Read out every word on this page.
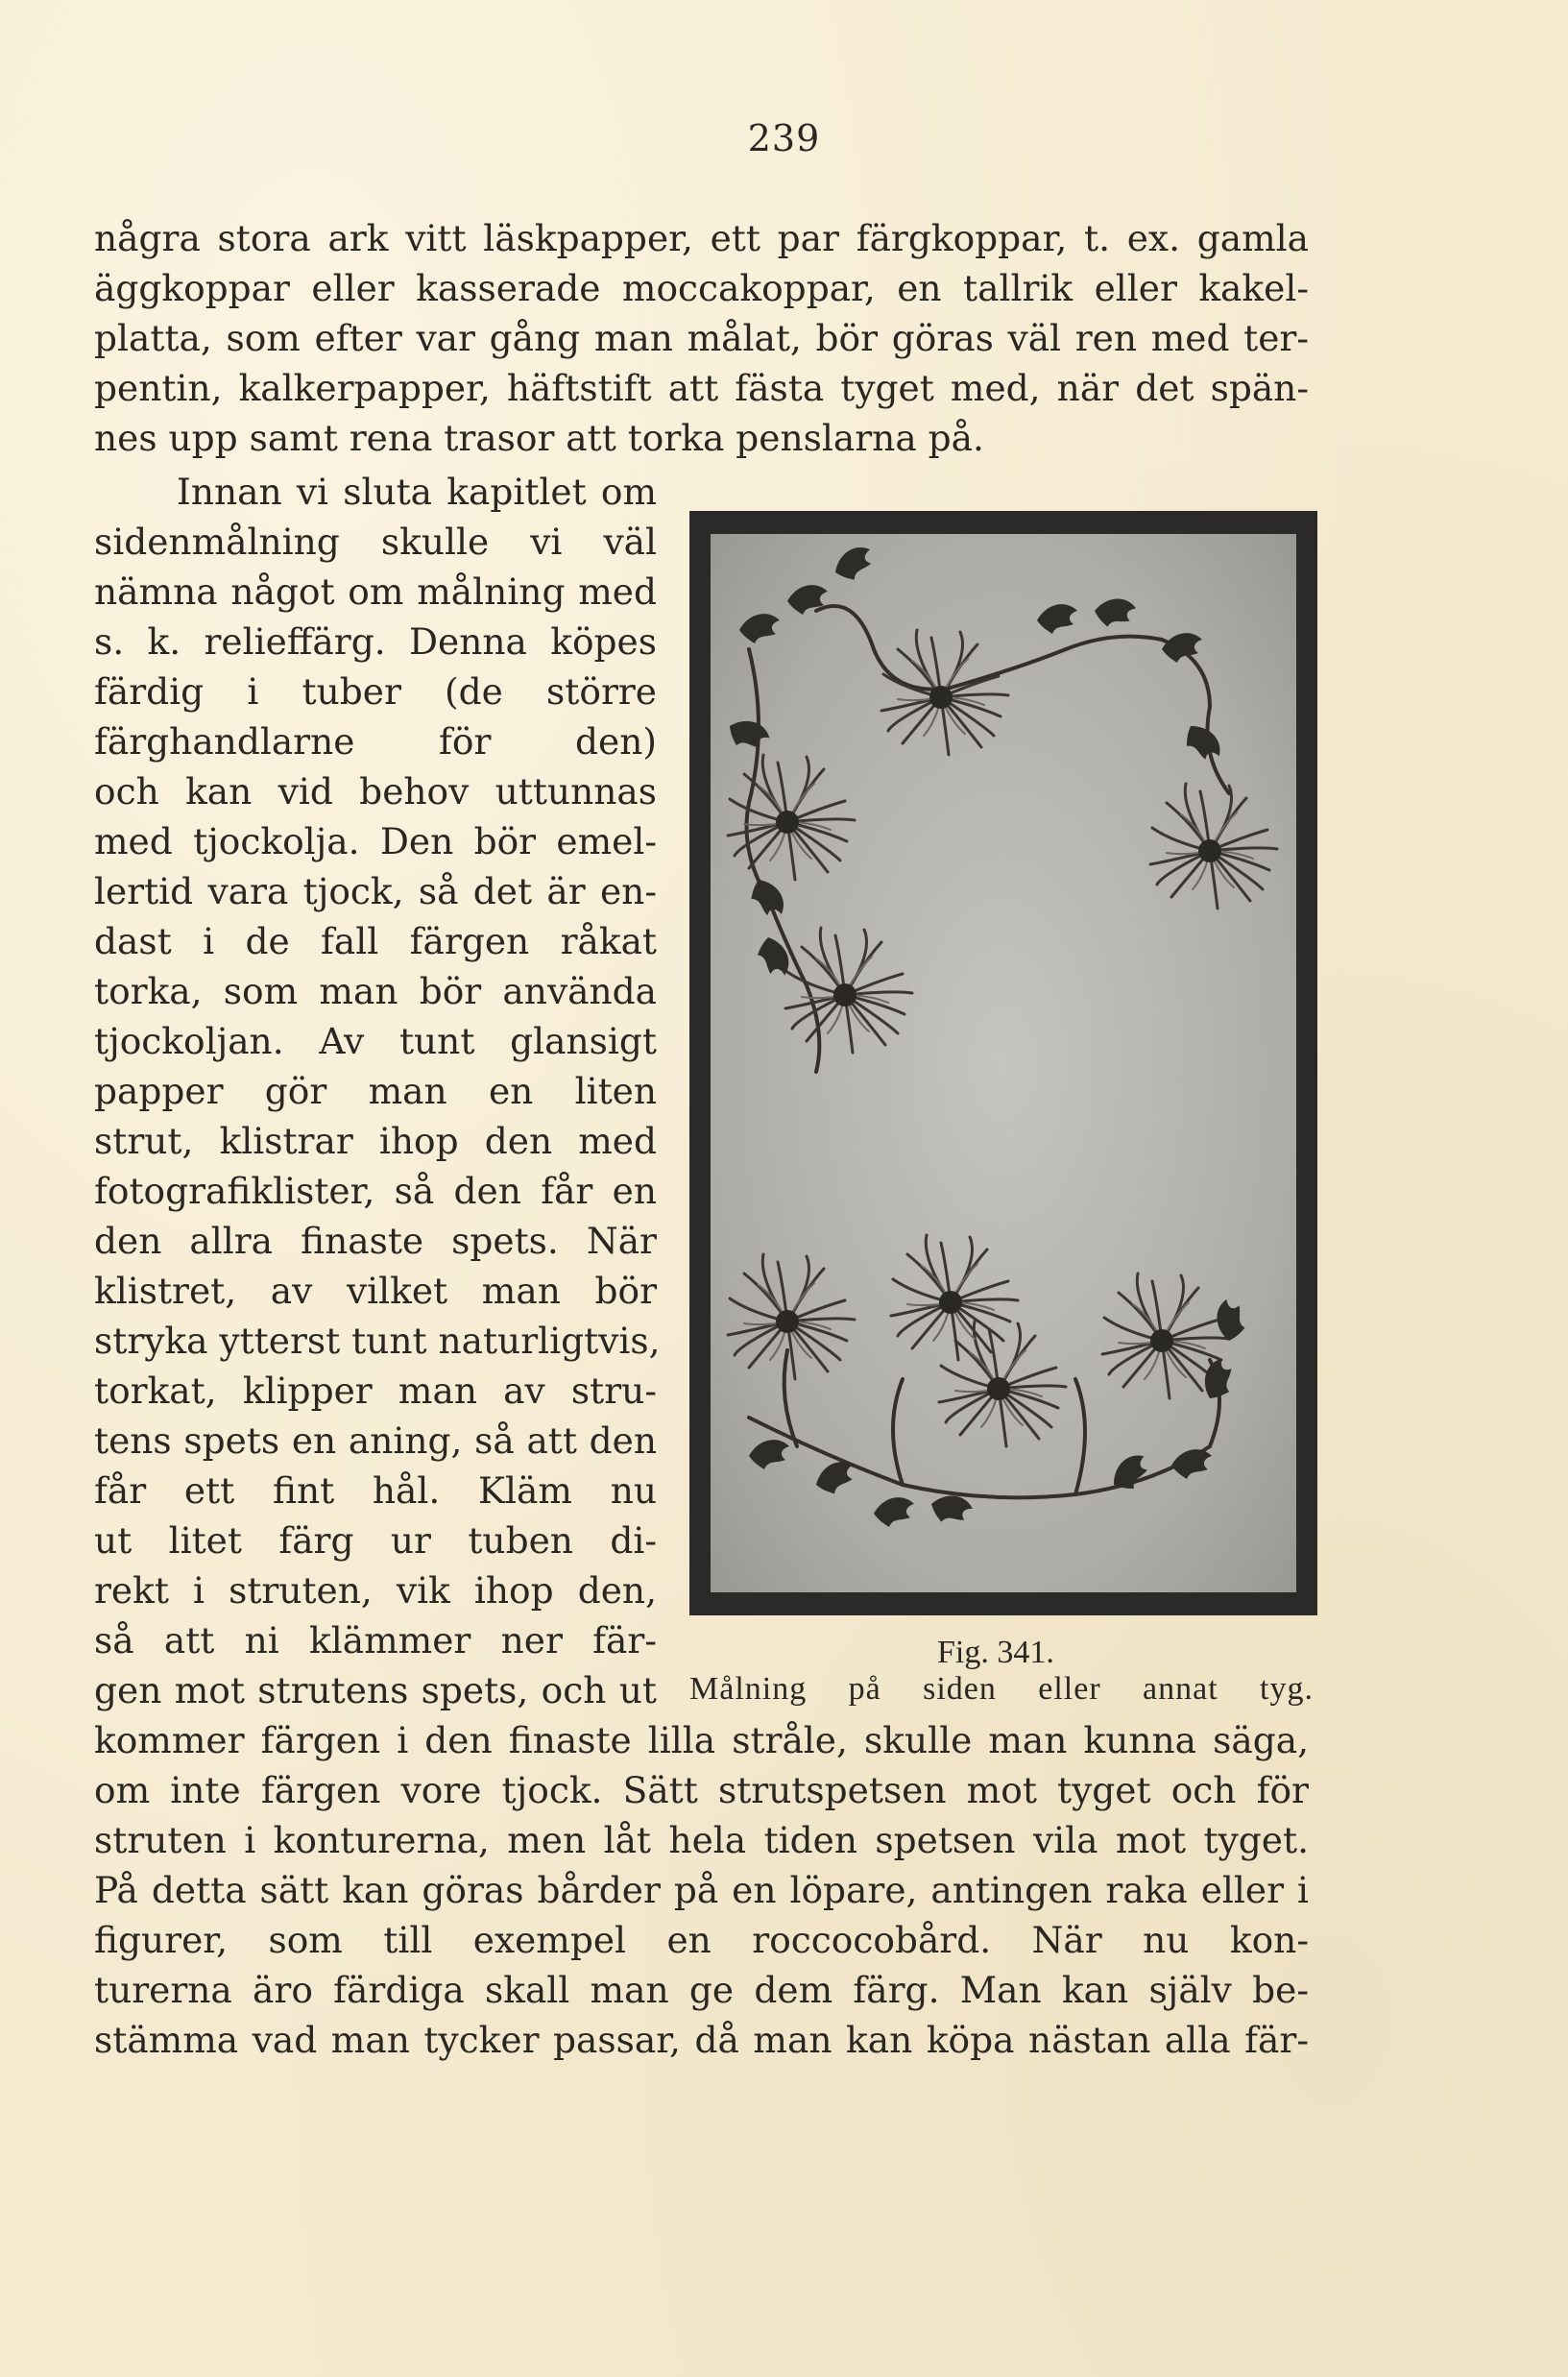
239
några stora ark vitt läskpapper, ett par färgkoppar, t. ex. gamla
äggkoppar eller kasserade moccakoppar, en tallrik eller kakel-
platta, som efter var gång man målat, bör göras väl ren med ter-
pentin, kalkerpapper, häftstift att fästa tyget med, när det spän-
nes upp samt rena trasor att torka penslarna på.
Innan vi sluta kapitlet om
sidenmålning skulle vi väl
nämna något om målning med
s. k. relieffärg. Denna köpes
färdig i tuber (de större
färghandlarne för den)
och kan vid behov uttunnas
med tjockolja. Den bör emel-
lertid vara tjock, så det är en-
dast i de fall färgen råkat
torka, som man bör använda
tjockoljan. Av tunt glansigt
papper gör man en liten
strut, klistrar ihop den med
fotografiklister, så den får en
den allra finaste spets. När
klistret, av vilket man bör
stryka ytterst tunt naturligtvis,
torkat, klipper man av stru-
tens spets en aning, så att den
får ett fint hål. Kläm nu
ut litet färg ur tuben di-
rekt i struten, vik ihop den,
så att ni klämmer ner fär-
gen mot strutens spets, och ut
kommer färgen i den finaste lilla stråle, skulle man kunna säga,
om inte färgen vore tjock. Sätt strutspetsen mot tyget och för
struten i konturerna, men låt hela tiden spetsen vila mot tyget.
På detta sätt kan göras bårder på en löpare, antingen raka eller i
figurer, som till exempel en roccocobård. När nu kon-
turerna äro färdiga skall man ge dem färg. Man kan själv be-
stämma vad man tycker passar, då man kan köpa nästan alla fär-
Fig. 341.
Målning på siden eller annat tyg.
